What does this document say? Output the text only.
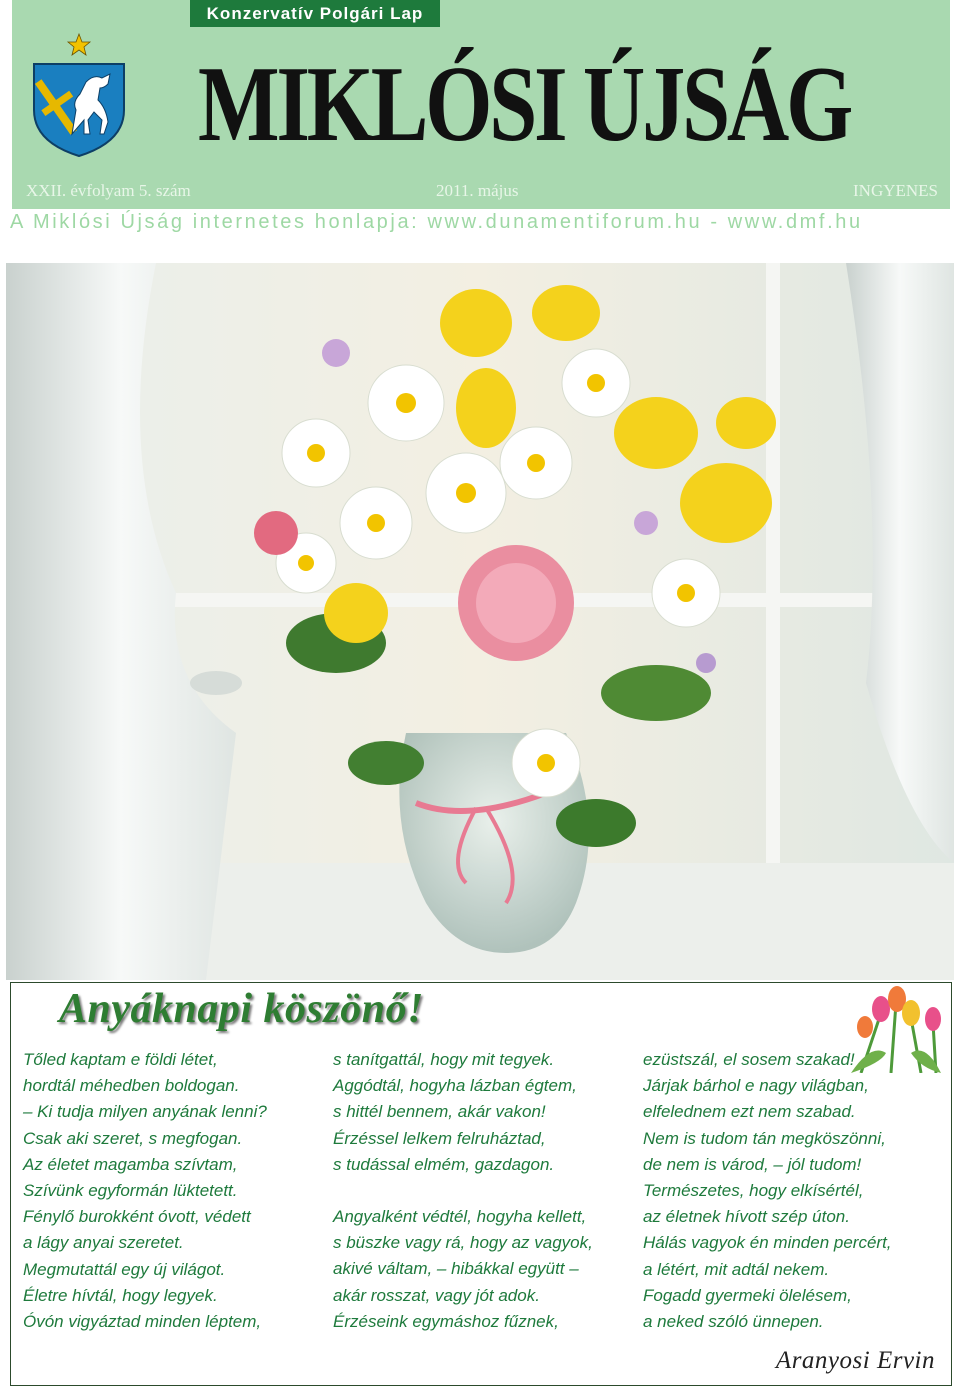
Konzervatív Polgári Lap
MIKLÓSI ÚJSÁG
XXII. évfolyam 5. szám	2011. május	INGYENES
A Miklósi Újság internetes honlapja: www.dunamentiforum.hu - www.dmf.hu
Anyáknapi köszönő!
Tőled kaptam e földi létet,
hordtál méhedben boldogan.
– Ki tudja milyen anyának lenni?
Csak aki szeret, s megfogan.
Az életet magamba szívtam,
Szívünk egyformán lüktetett.
Fénylő burokként óvott, védett
a lágy anyai szeretet.
Megmutattál egy új világot.
Életre hívtál, hogy legyek.
Óvón vigyáztad minden léptem,
s tanítgattál, hogy mit tegyek.
Aggódtál, hogyha lázban égtem,
s hittél bennem, akár vakon!
Érzéssel lelkem felruháztad,
s tudással elmém, gazdagon.
Angyalként védtél, hogyha kellett,
s büszke vagy rá, hogy az vagyok,
akivé váltam, – hibákkal együtt –
akár rosszat, vagy jót adok.
Érzéseink egymáshoz fűznek,
ezüstszál, el sosem szakad!
Járjak bárhol e nagy világban,
elfelednem ezt nem szabad.
Nem is tudom tán megköszönni,
de nem is várod, – jól tudom!
Természetes, hogy elkísértél,
az életnek hívott szép úton.
Hálás vagyok én minden percért,
a létért, mit adtál nekem.
Fogadd gyermeki ölelésem,
a neked szóló ünnepen.
Aranyosi Ervin
